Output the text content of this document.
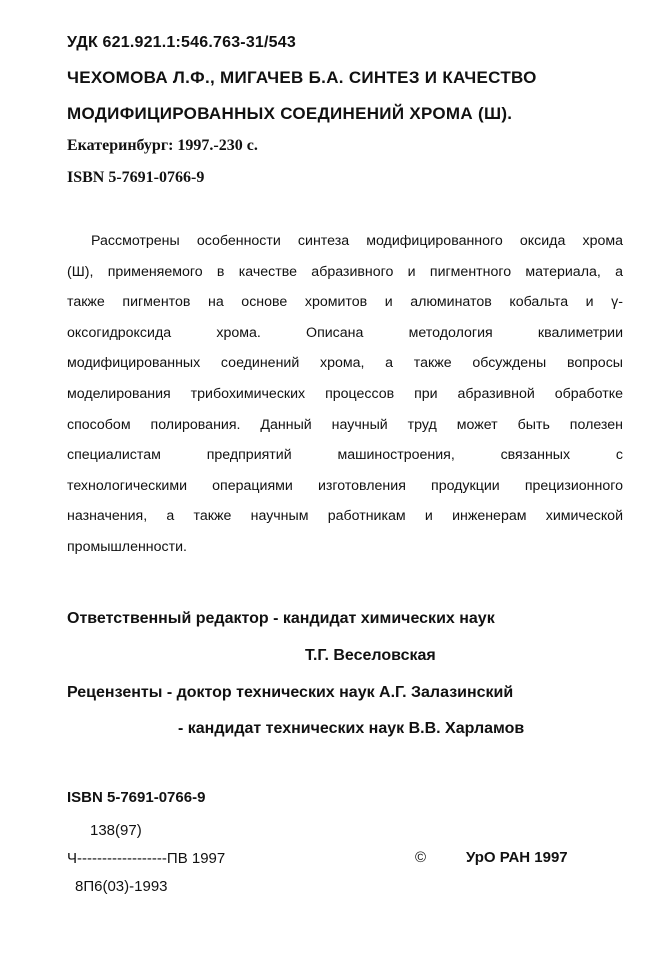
УДК 621.921.1:546.763-31/543
ЧЕХОМОВА Л.Ф., МИГАЧЕВ Б.А. СИНТЕЗ И КАЧЕСТВО
МОДИФИЦИРОВАННЫХ СОЕДИНЕНИЙ ХРОМА (Ш).
Екатеринбург: 1997.-230 с.
ISBN 5-7691-0766-9
Рассмотрены особенности синтеза модифицированного оксида хрома
(Ш), применяемого в качестве абразивного и пигментного материала, а
также пигментов на основе хромитов и алюминатов кобальта и γ-
оксогидроксида хрома. Описана методология квалиметрии
модифицированных соединений хрома, а также обсуждены вопросы
моделирования трибохимических процессов при абразивной обработке
способом полирования. Данный научный труд может быть полезен
специалистам предприятий машиностроения, связанных с
технологическими операциями изготовления продукции прецизионного
назначения, а также научным работникам и инженерам химической
промышленности.
Ответственный редактор - кандидат химических наук
Т.Г. Веселовская
Рецензенты - доктор технических наук А.Г. Залазинский
- кандидат технических наук В.В. Харламов
ISBN 5-7691-0766-9
138(97)
Ч------------------ПВ 1997
8П6(03)-1993
©	УрО РАН 1997
